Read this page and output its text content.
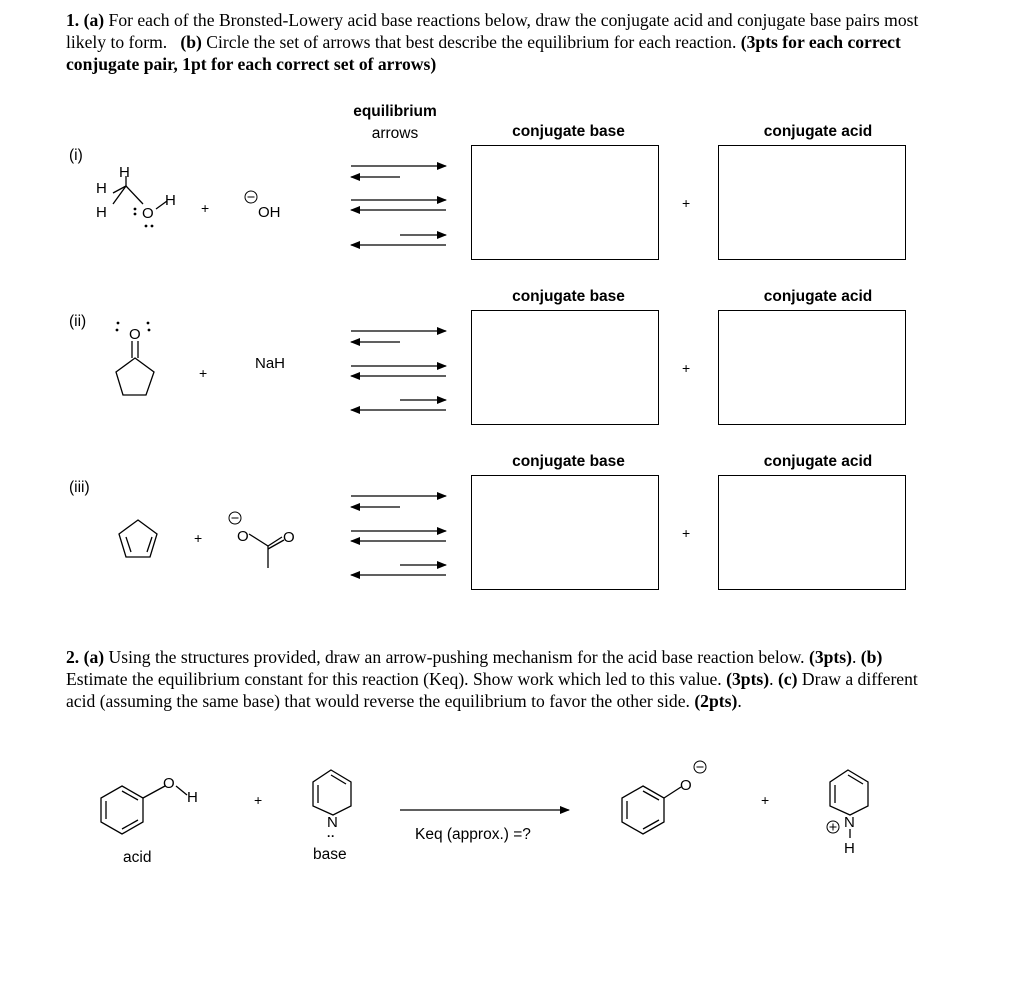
1. (a) For each of the Bronsted-Lowery acid base reactions below, draw the conjugate acid and conjugate base pairs most likely to form. (b) Circle the set of arrows that best describe the equilibrium for each reaction. (3pts for each correct conjugate pair, 1pt for each correct set of arrows)
equilibrium
arrows	conjugate base	conjugate acid
conjugate base	conjugate acid
conjugate base	conjugate acid
+
+
+
(i)
(ii)
(iii)
+
+
+
H
H
H O
H
OH
O
NaH
O O
O
H
N
··
O
N
H
2. (a) Using the structures provided, draw an arrow-pushing mechanism for the acid base reaction below. (3pts). (b) Estimate the equilibrium constant for this reaction (Keq). Show work which led to this value. (3pts). (c) Draw a different acid (assuming the same base) that would reverse the equilibrium to favor the other side. (2pts).
+	+
Keq (approx.) =?
acid	base
